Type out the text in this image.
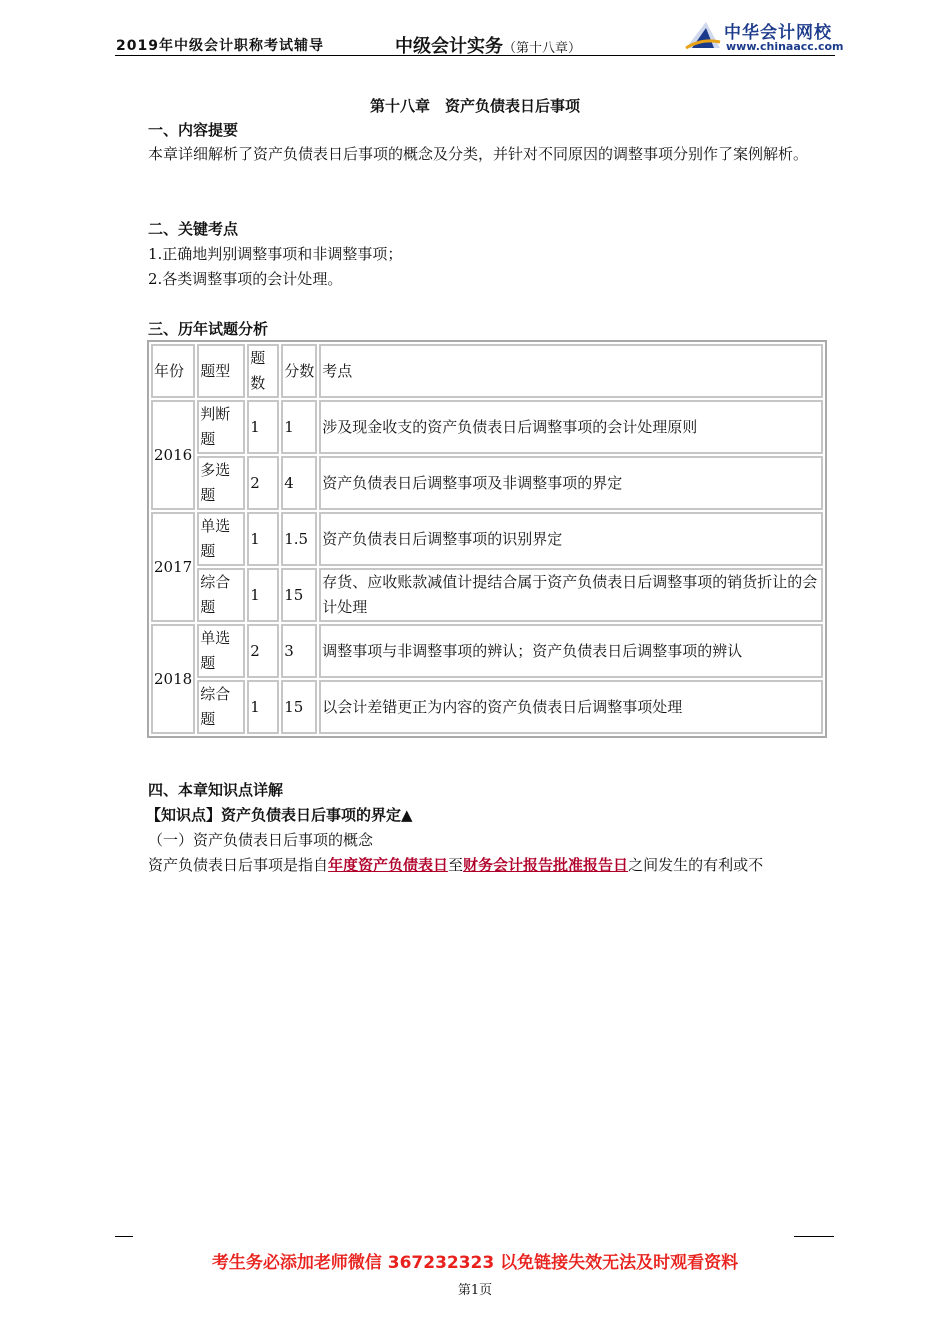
2019年中级会计职称考试辅导	中级会计实务（第十八章）
中华会计网校
www.chinaacc.com
第十八章　资产负债表日后事项
一、内容提要
本章详细解析了资产负债表日后事项的概念及分类，并针对不同原因的调整事项分别作了案例解析。
二、关键考点
1.正确地判别调整事项和非调整事项；
2.各类调整事项的会计处理。
三、历年试题分析
年份	题型	题数	分数	考点
2016	判断题	1	1	涉及现金收支的资产负债表日后调整事项的会计处理原则
	多选题	2	4	资产负债表日后调整事项及非调整事项的界定
2017	单选题	1	1.5	资产负债表日后调整事项的识别界定
	综合题	1	15	存货、应收账款减值计提结合属于资产负债表日后调整事项的销货折让的会计处理
2018	单选题	2	3	调整事项与非调整事项的辨认；资产负债表日后调整事项的辨认
	综合题	1	15	以会计差错更正为内容的资产负债表日后调整事项处理
四、本章知识点详解
【知识点】资产负债表日后事项的界定▲
（一）资产负债表日后事项的概念
资产负债表日后事项是指自年度资产负债表日至财务会计报告批准报告日之间发生的有利或不
考生务必添加老师微信 367232323 以免链接失效无法及时观看资料
第1页
